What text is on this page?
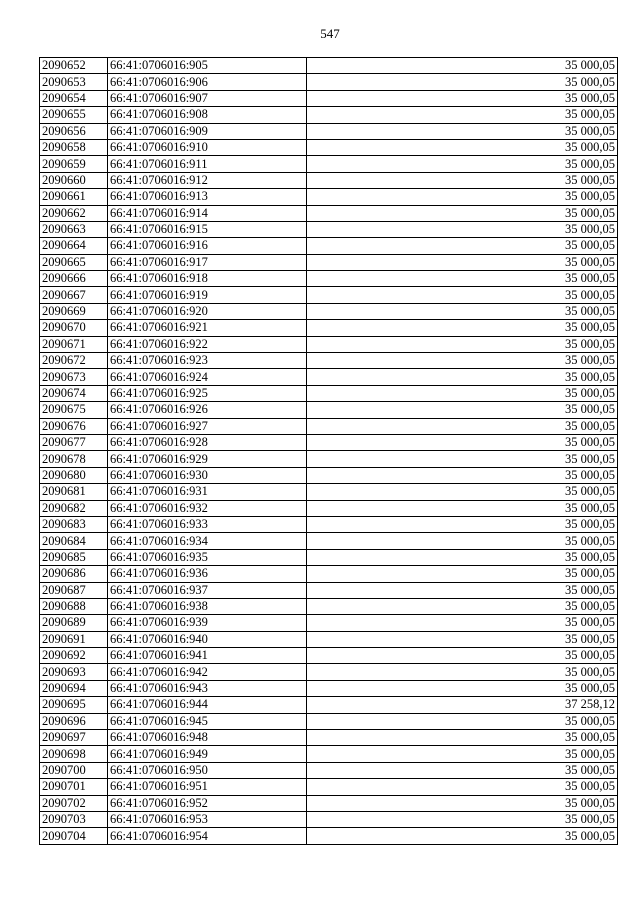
547
2090652	66:41:0706016:905	35 000,05
2090653	66:41:0706016:906	35 000,05
2090654	66:41:0706016:907	35 000,05
2090655	66:41:0706016:908	35 000,05
2090656	66:41:0706016:909	35 000,05
2090658	66:41:0706016:910	35 000,05
2090659	66:41:0706016:911	35 000,05
2090660	66:41:0706016:912	35 000,05
2090661	66:41:0706016:913	35 000,05
2090662	66:41:0706016:914	35 000,05
2090663	66:41:0706016:915	35 000,05
2090664	66:41:0706016:916	35 000,05
2090665	66:41:0706016:917	35 000,05
2090666	66:41:0706016:918	35 000,05
2090667	66:41:0706016:919	35 000,05
2090669	66:41:0706016:920	35 000,05
2090670	66:41:0706016:921	35 000,05
2090671	66:41:0706016:922	35 000,05
2090672	66:41:0706016:923	35 000,05
2090673	66:41:0706016:924	35 000,05
2090674	66:41:0706016:925	35 000,05
2090675	66:41:0706016:926	35 000,05
2090676	66:41:0706016:927	35 000,05
2090677	66:41:0706016:928	35 000,05
2090678	66:41:0706016:929	35 000,05
2090680	66:41:0706016:930	35 000,05
2090681	66:41:0706016:931	35 000,05
2090682	66:41:0706016:932	35 000,05
2090683	66:41:0706016:933	35 000,05
2090684	66:41:0706016:934	35 000,05
2090685	66:41:0706016:935	35 000,05
2090686	66:41:0706016:936	35 000,05
2090687	66:41:0706016:937	35 000,05
2090688	66:41:0706016:938	35 000,05
2090689	66:41:0706016:939	35 000,05
2090691	66:41:0706016:940	35 000,05
2090692	66:41:0706016:941	35 000,05
2090693	66:41:0706016:942	35 000,05
2090694	66:41:0706016:943	35 000,05
2090695	66:41:0706016:944	37 258,12
2090696	66:41:0706016:945	35 000,05
2090697	66:41:0706016:948	35 000,05
2090698	66:41:0706016:949	35 000,05
2090700	66:41:0706016:950	35 000,05
2090701	66:41:0706016:951	35 000,05
2090702	66:41:0706016:952	35 000,05
2090703	66:41:0706016:953	35 000,05
2090704	66:41:0706016:954	35 000,05
